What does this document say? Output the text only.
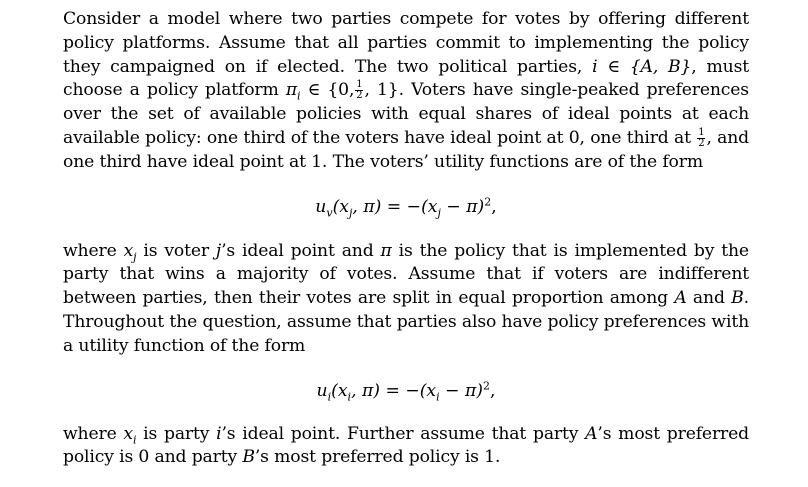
Consider a model where two parties compete for votes by offering different policy platforms. Assume that all parties commit to implementing the policy they campaigned on if elected. The two political parties, i ∈ {A, B}, must choose a policy platform $\pi_i$ ∈ {0, $\frac{1}{2}$ , 1}. Voters have single-peaked preferences over the set of available policies with equal shares of ideal points at each available policy: one third of the voters have ideal point at 0, one third at $\frac{1}{2}$ , and one third have ideal point at 1. The voters’ utility functions are of the form

$u_v(x_j$, $\pi) = -(x_j - \pi)^2$,

where $x_j$ is voter j’s ideal point and π is the policy that is implemented by the party that wins a majority of votes. Assume that if voters are indifferent between parties, then their votes are split in equal proportion among A and B. Throughout the question, assume that parties also have policy preferences with a utility function of the form

$u_i(x_i$, $\pi) = -(x_i - \pi)^2$,

where $x_i$ is party i’s ideal point. Further assume that party A’s most preferred policy is 0 and party B’s most preferred policy is 1.
